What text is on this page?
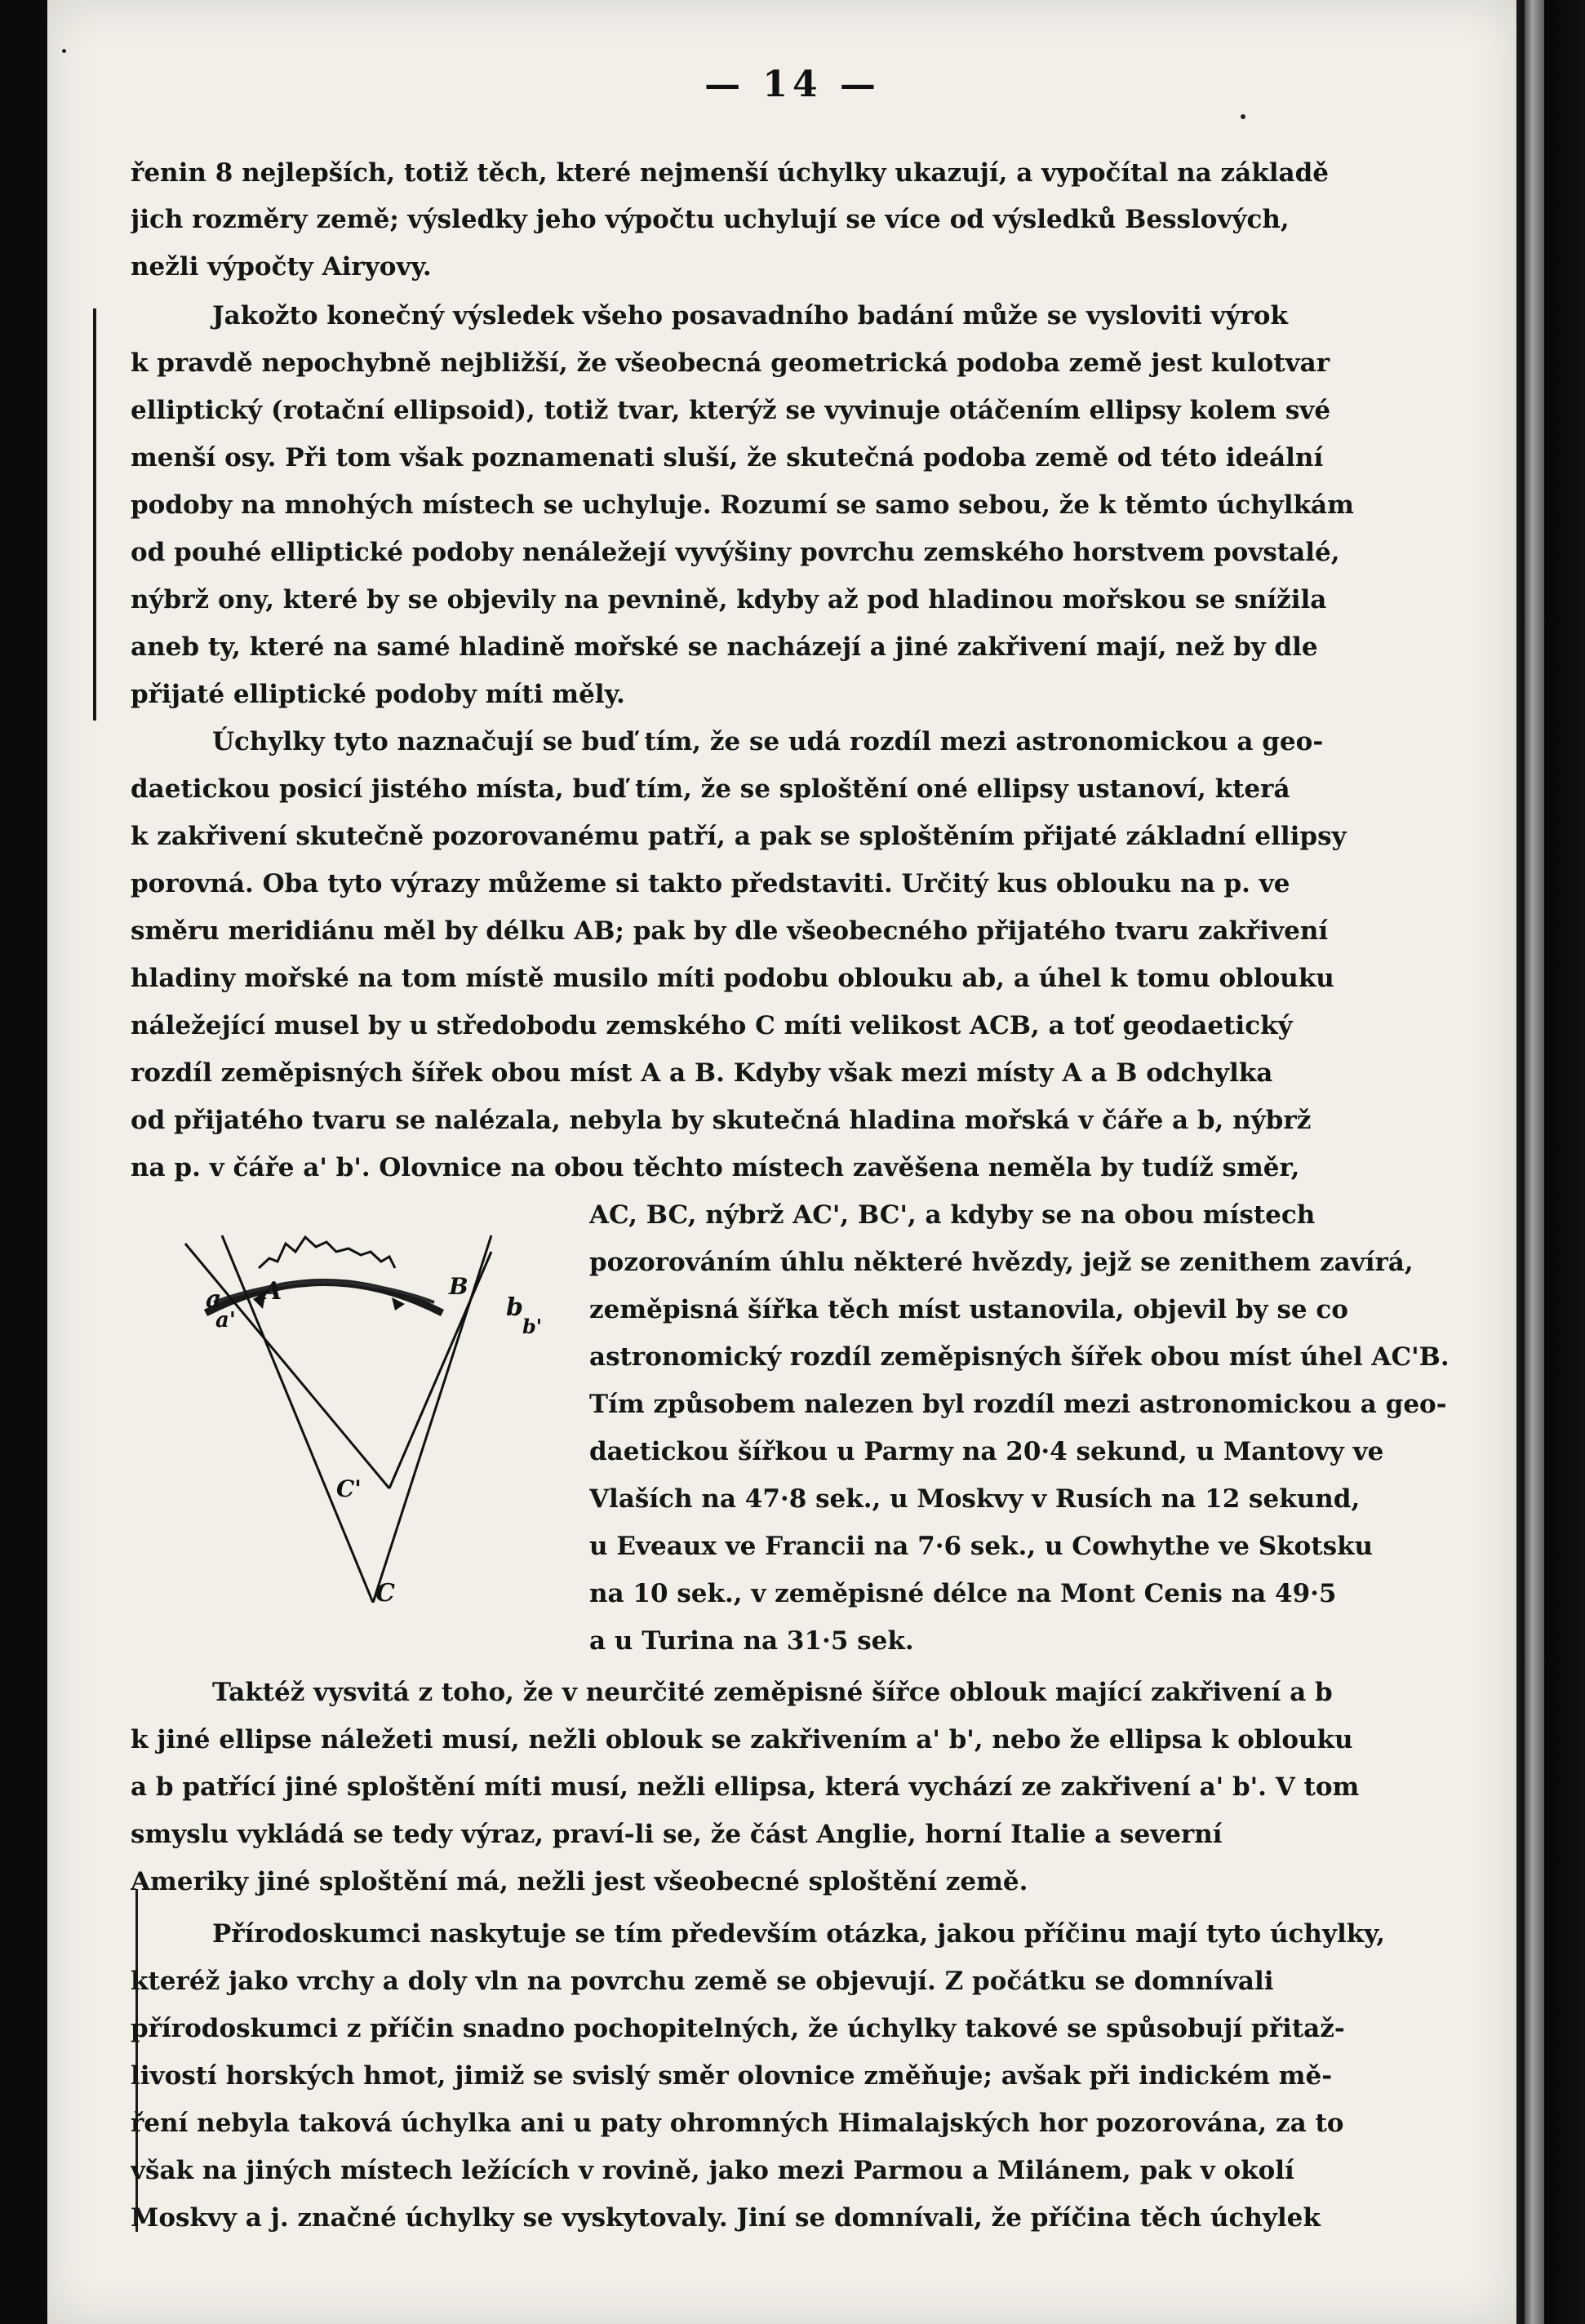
— 14 —
řenin 8 nejlepších, totiž těch, které nejmenší úchylky ukazují, a vypočítal na základě
jich rozměry země; výsledky jeho výpočtu uchylují se více od výsledků Besslových,
nežli výpočty Airyovy.
Jakožto konečný výsledek všeho posavadního badání může se vysloviti výrok
k pravdě nepochybně nejbližší, že všeobecná geometrická podoba země jest kulotvar
elliptický (rotační ellipsoid), totiž tvar, kterýž se vyvinuje otáčením ellipsy kolem své
menší osy. Při tom však poznamenati sluší, že skutečná podoba země od této ideální
podoby na mnohých místech se uchyluje. Rozumí se samo sebou, že k těmto úchylkám
od pouhé elliptické podoby nenáležejí vyvýšiny povrchu zemského horstvem povstalé,
nýbrž ony, které by se objevily na pevnině, kdyby až pod hladinou mořskou se snížila
aneb ty, které na samé hladině mořské se nacházejí a jiné zakřivení mají, než by dle
přijaté elliptické podoby míti měly.
Úchylky tyto naznačují se buď tím, že se udá rozdíl mezi astronomickou a geo-
daetickou posicí jistého místa, buď tím, že se sploštění oné ellipsy ustanoví, která
k zakřivení skutečně pozorovanému patří, a pak se sploštěním přijaté základní ellipsy
porovná. Oba tyto výrazy můžeme si takto představiti. Určitý kus oblouku na p. ve
směru meridiánu měl by délku AB; pak by dle všeobecného přijatého tvaru zakřivení
hladiny mořské na tom místě musilo míti podobu oblouku ab, a úhel k tomu oblouku
náležející musel by u středobodu zemského C míti velikost ACB, a toť geodaetický
rozdíl zeměpisných šířek obou míst A a B. Kdyby však mezi místy A a B odchylka
od přijatého tvaru se nalézala, nebyla by skutečná hladina mořská v čáře a b, nýbrž
na p. v čáře a' b'. Olovnice na obou těchto místech zavěšena neměla by tudíž směr,
a'
a A	B
b
b'
C'
C
AC, BC, nýbrž AC', BC', a kdyby se na obou místech
pozorováním úhlu některé hvězdy, jejž se zenithem zavírá,
zeměpisná šířka těch míst ustanovila, objevil by se co
astronomický rozdíl zeměpisných šířek obou míst úhel AC'B.
Tím způsobem nalezen byl rozdíl mezi astronomickou a geo-
daetickou šířkou u Parmy na 20·4 sekund, u Mantovy ve
Vlaších na 47·8 sek., u Moskvy v Rusích na 12 sekund,
u Eveaux ve Francii na 7·6 sek., u Cowhythe ve Skotsku
na 10 sek., v zeměpisné délce na Mont Cenis na 49·5
a u Turina na 31·5 sek.
Taktéž vysvitá z toho, že v neurčité zeměpisné šířce oblouk mající zakřivení a b
k jiné ellipse náležeti musí, nežli oblouk se zakřivením a' b', nebo že ellipsa k oblouku
a b patřící jiné sploštění míti musí, nežli ellipsa, která vychází ze zakřivení a' b'. V tom
smyslu vykládá se tedy výraz, praví-li se, že část Anglie, horní Italie a severní
Ameriky jiné sploštění má, nežli jest všeobecné sploštění země.
Přírodoskumci naskytuje se tím především otázka, jakou příčinu mají tyto úchylky,
kteréž jako vrchy a doly vln na povrchu země se objevují. Z počátku se domnívali
přírodoskumci z příčin snadno pochopitelných, že úchylky takové se spůsobují přitaž-
livostí horských hmot, jimiž se svislý směr olovnice změňuje; avšak při indickém mě-
ření nebyla taková úchylka ani u paty ohromných Himalajských hor pozorována, za to
však na jiných místech ležících v rovině, jako mezi Parmou a Milánem, pak v okolí
Moskvy a j. značné úchylky se vyskytovaly. Jiní se domnívali, že příčina těch úchylek
